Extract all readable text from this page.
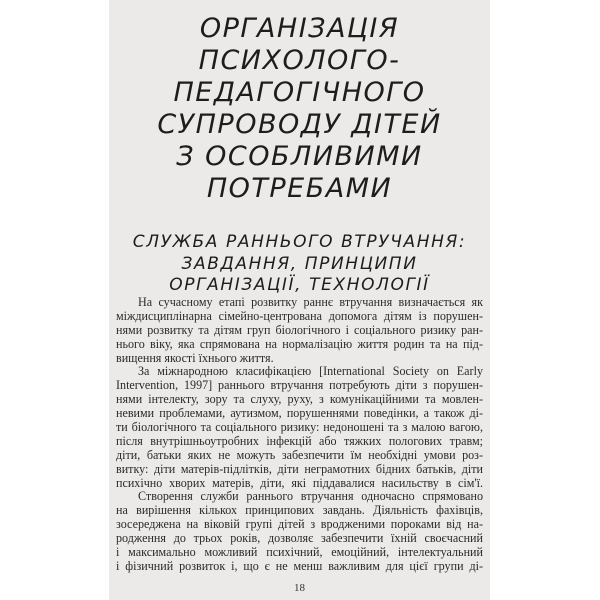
ОРГАНІЗАЦІЯ
ПСИХОЛОГО-
ПЕДАГОГІЧНОГО
СУПРОВОДУ ДІТЕЙ
З ОСОБЛИВИМИ
ПОТРЕБАМИ
СЛУЖБА РАННЬОГО ВТРУЧАННЯ:
ЗАВДАННЯ, ПРИНЦИПИ
ОРГАНІЗАЦІЇ, ТЕХНОЛОГІЇ
На сучасному етапі розвитку раннє втручання визначається як
міждисциплінарна сімейно-центрована допомога дітям із порушен-
нями розвитку та дітям груп біологічного і соціального ризику ран-
нього віку, яка спрямована на нормалізацію життя родин та на під-
вищення якості їхнього життя.
За міжнародною класифікацією [International Society on Early
Intervention, 1997] раннього втручання потребують діти з порушен-
нями інтелекту, зору та слуху, руху, з комунікаційними та мовлен-
невими проблемами, аутизмом, порушеннями поведінки, а також ді-
ти біологічного та соціального ризику: недоношені та з малою вагою,
після внутрішньоутробних інфекцій або тяжких пологових травм;
діти, батьки яких не можуть забезпечити їм необхідні умови роз-
витку: діти матерів-підлітків, діти неграмотних бідних батьків, діти
психічно хворих матерів, діти, які піддавалися насильству в сім'ї.
Створення служби раннього втручання одночасно спрямовано
на вирішення кількох принципових завдань. Діяльність фахівців,
зосереджена на віковій групі дітей з вродженими пороками від на-
родження до трьох років, дозволяє забезпечити їхній своєчасний
і максимально можливий психічний, емоційний, інтелектуальний
і фізичний розвиток і, що є не менш важливим для цієї групи ді-
18
